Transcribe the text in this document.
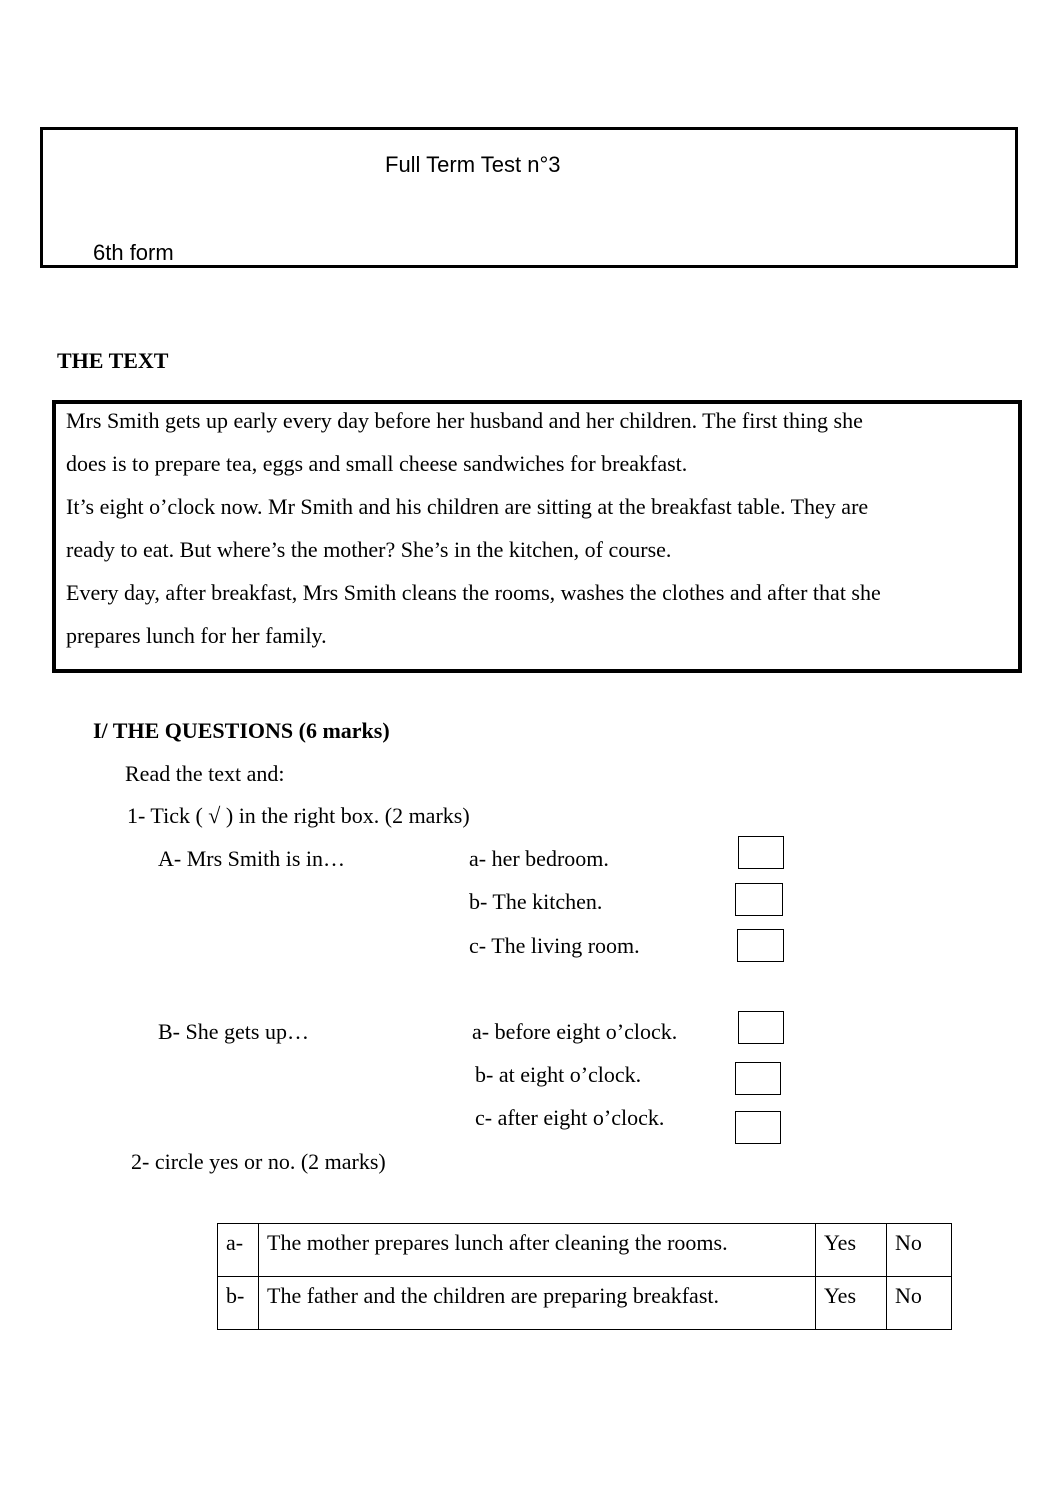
Full Term Test n°3
6th form
THE TEXT
Mrs Smith gets up early every day before her husband and her children. The first thing she
does is to prepare tea, eggs and small cheese sandwiches for breakfast.
It’s eight o’clock now. Mr Smith and his children are sitting at the breakfast table. They are
ready to eat. But where’s the mother? She’s in the kitchen, of course.
Every day, after breakfast, Mrs Smith cleans the rooms, washes the clothes and after that she
prepares lunch for her family.
I/ THE QUESTIONS (6 marks)
Read the text and:
1- Tick ( √ ) in the right box. (2 marks)
A- Mrs Smith is in…	a- her bedroom.
b- The kitchen.
c- The living room.
B- She gets up…	a- before eight o’clock.
b- at eight o’clock.
c- after eight o’clock.
2- circle yes or no. (2 marks)
a-	The mother prepares lunch after cleaning the rooms.	Yes	No
b-	The father and the children are preparing breakfast.	Yes	No
